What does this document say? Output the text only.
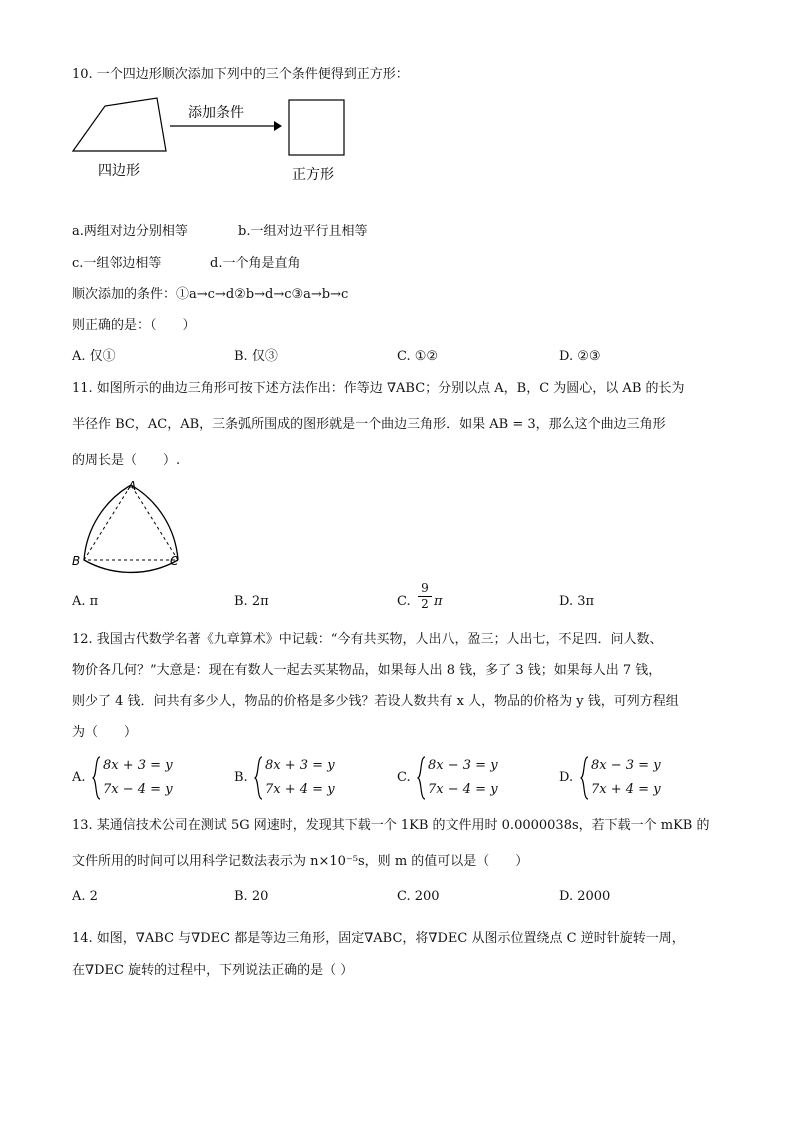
10. 一个四边形顺次添加下列中的三个条件便得到正方形：
添加条件
四边形	正方形
a.两组对边分别相等	b.一组对边平行且相等
c.一组邻边相等	d.一个角是直角
顺次添加的条件：①a→c→d②b→d→c③a→b→c
则正确的是：（　　）
A. 仅①	B. 仅③	C. ①②	D. ②③
11. 如图所示的曲边三角形可按下述方法作出：作等边 ∇ABC；分别以点 A，B，C 为圆心，以 AB 的长为
半径作 BC，AC，AB，三条弧所围成的图形就是一个曲边三角形．如果 AB = 3，那么这个曲边三角形
的周长是（　　）.
A
B	C
A. π	B. 2π	C.
9
2 π	D. 3π
12. 我国古代数学名著《九章算术》中记载：“今有共买物，人出八，盈三；人出七，不足四．问人数、
物价各几何？”大意是：现在有数人一起去买某物品，如果每人出 8 钱，多了 3 钱；如果每人出 7 钱，
则少了 4 钱．问共有多少人，物品的价格是多少钱？若设人数共有 x 人，物品的价格为 y 钱，可列方程组
为（　　）
A.
8x + 3 = y
7x − 4 = y
B.
8x + 3 = y
7x + 4 = y
C.
8x − 3 = y
7x − 4 = y
D.
8x − 3 = y
7x + 4 = y
13. 某通信技术公司在测试 5G 网速时，发现其下载一个 1KB 的文件用时 0.0000038s，若下载一个 mKB 的
文件所用的时间可以用科学记数法表示为 n×10⁻⁵s，则 m 的值可以是（　　）
A. 2	B. 20	C. 200	D. 2000
14. 如图，∇ABC 与∇DEC 都是等边三角形，固定∇ABC，将∇DEC 从图示位置绕点 C 逆时针旋转一周，
在∇DEC 旋转的过程中，下列说法正确的是（ ）
